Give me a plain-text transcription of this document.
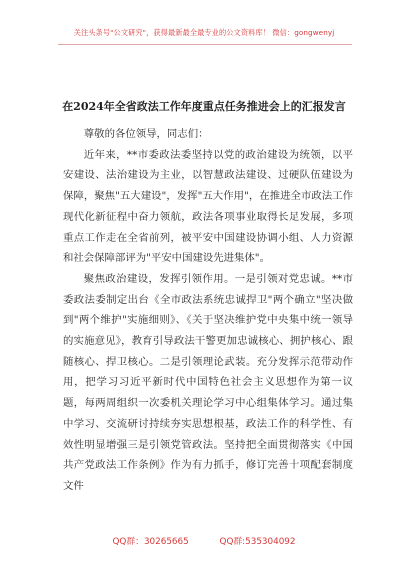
关注头条号"公文研究"，获得最新最全最专业的公文资料库！ 微信：gongwenyj
在2024年全省政法工作年度重点任务推进会上的汇报发言

尊敬的各位领导，同志们：

近年来，**市委政法委坚持以党的政治建设为统领，以平安建设、法治建设为主业，以智慧政法建设、过硬队伍建设为保障，聚焦"五大建设"，发挥"五大作用"，在推进全市政法工作现代化新征程中奋力领航，政法各项事业取得长足发展，多项重点工作走在全省前列，被平安中国建设协调小组、人力资源和社会保障部评为"平安中国建设先进集体"。

聚焦政治建设，发挥引领作用。一是引领对党忠诚。**市委政法委制定出台《全市政法系统忠诚捍卫"两个确立"坚决做到"两个维护"实施细则》、《关于坚决维护党中央集中统一领导的实施意见》，教育引导政法干警更加忠诚核心、拥护核心、跟随核心、捍卫核心。二是引领理论武装。充分发挥示范带动作用，把学习习近平新时代中国特色社会主义思想作为第一议题，每两周组织一次委机关理论学习中心组集体学习。通过集中学习、交流研讨持续夯实思想根基，政法工作的科学性、有效性明显增强三是引领党管政法。坚持把全面贯彻落实《中国共产党政法工作条例》作为有力抓手，修订完善十项配套制度文件

QQ群：30265665	QQ群:535304092
